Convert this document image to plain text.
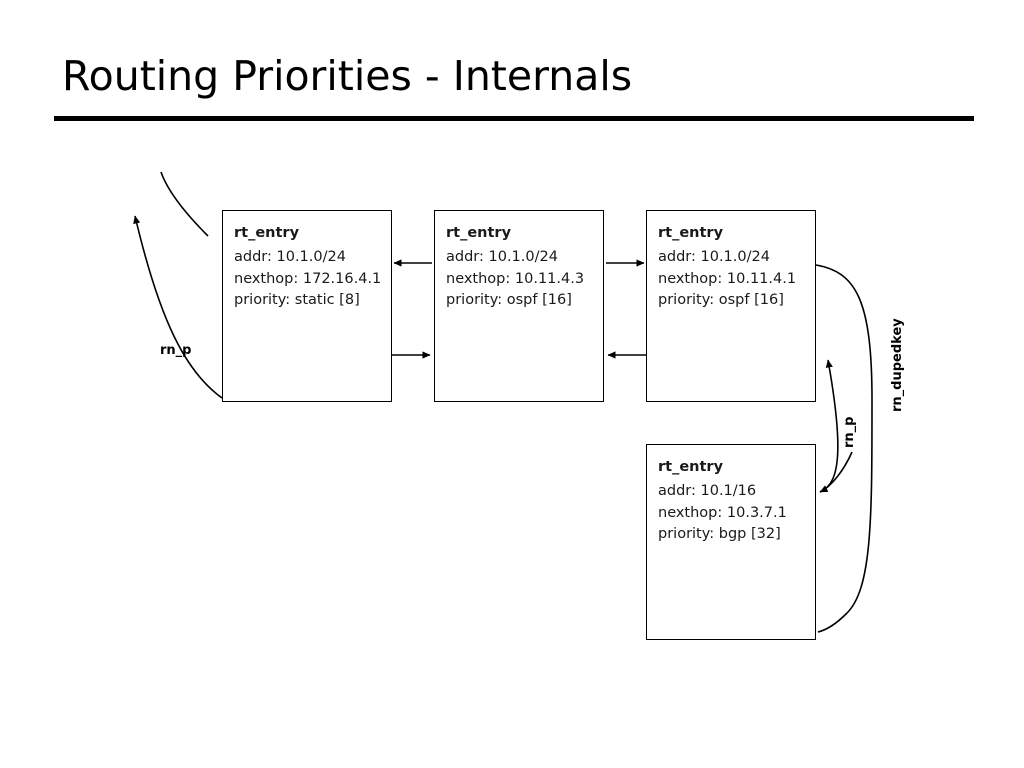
Routing Priorities - Internals
rt_entry
addr: 10.1.0/24
nexthop: 172.16.4.1
priority: static [8]
rt_entry
addr: 10.1.0/24
nexthop: 10.11.4.3
priority: ospf [16]
rt_entry
addr: 10.1.0/24
nexthop: 10.11.4.1
priority: ospf [16]
rt_entry
addr: 10.1/16
nexthop: 10.3.7.1
priority: bgp [32]
rn_p
rn_p
rn_dupedkey
